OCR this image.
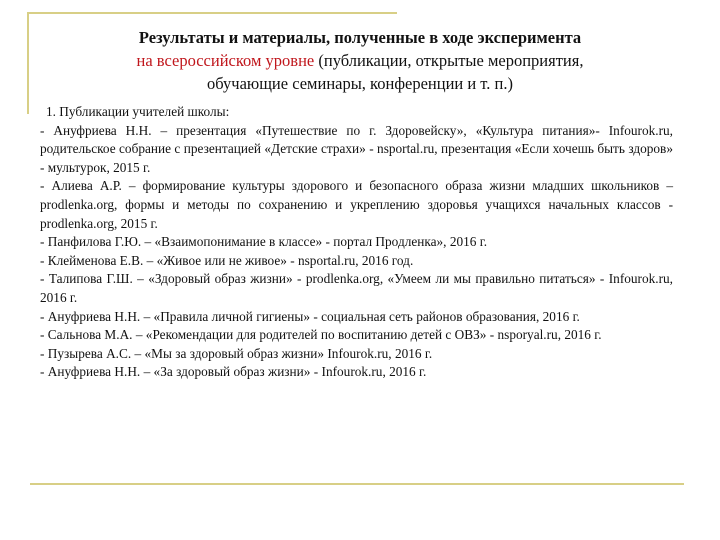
Результаты и материалы, полученные в ходе эксперимента
на всероссийском уровне (публикации, открытые мероприятия,
обучающие семинары, конференции и т. п.)
1. Публикации учителей школы:
- Ануфриева Н.Н. – презентация «Путешествие по г. Здоровейску», «Культура питания»- Infourok.ru, родительское собрание с презентацией «Детские страхи» - nsportal.ru, презентация «Если хочешь быть здоров» - мультурок, 2015 г.
- Алиева А.Р. – формирование культуры здорового и безопасного образа жизни младших школьников –prodlenka.org, формы и методы по сохранению и укреплению здоровья учащихся начальных классов - prodlenka.org, 2015 г.
- Панфилова Г.Ю. – «Взаимопонимание в классе» - портал Продленка», 2016 г.
- Клейменова Е.В. – «Живое или не живое» - nsportal.ru, 2016 год.
- Талипова Г.Ш. – «Здоровый образ жизни» - prodlenka.org, «Умеем ли мы правильно питаться» - Infourok.ru, 2016 г.
- Ануфриева Н.Н. – «Правила личной гигиены» - социальная сеть районов образования, 2016 г.
- Сальнова М.А. – «Рекомендации для родителей по воспитанию детей с ОВЗ» - nsporyal.ru, 2016 г.
- Пузырева А.С. – «Мы за здоровый образ жизни» Infourok.ru, 2016 г.
- Ануфриева Н.Н. – «За здоровый образ жизни» - Infourok.ru, 2016 г.
